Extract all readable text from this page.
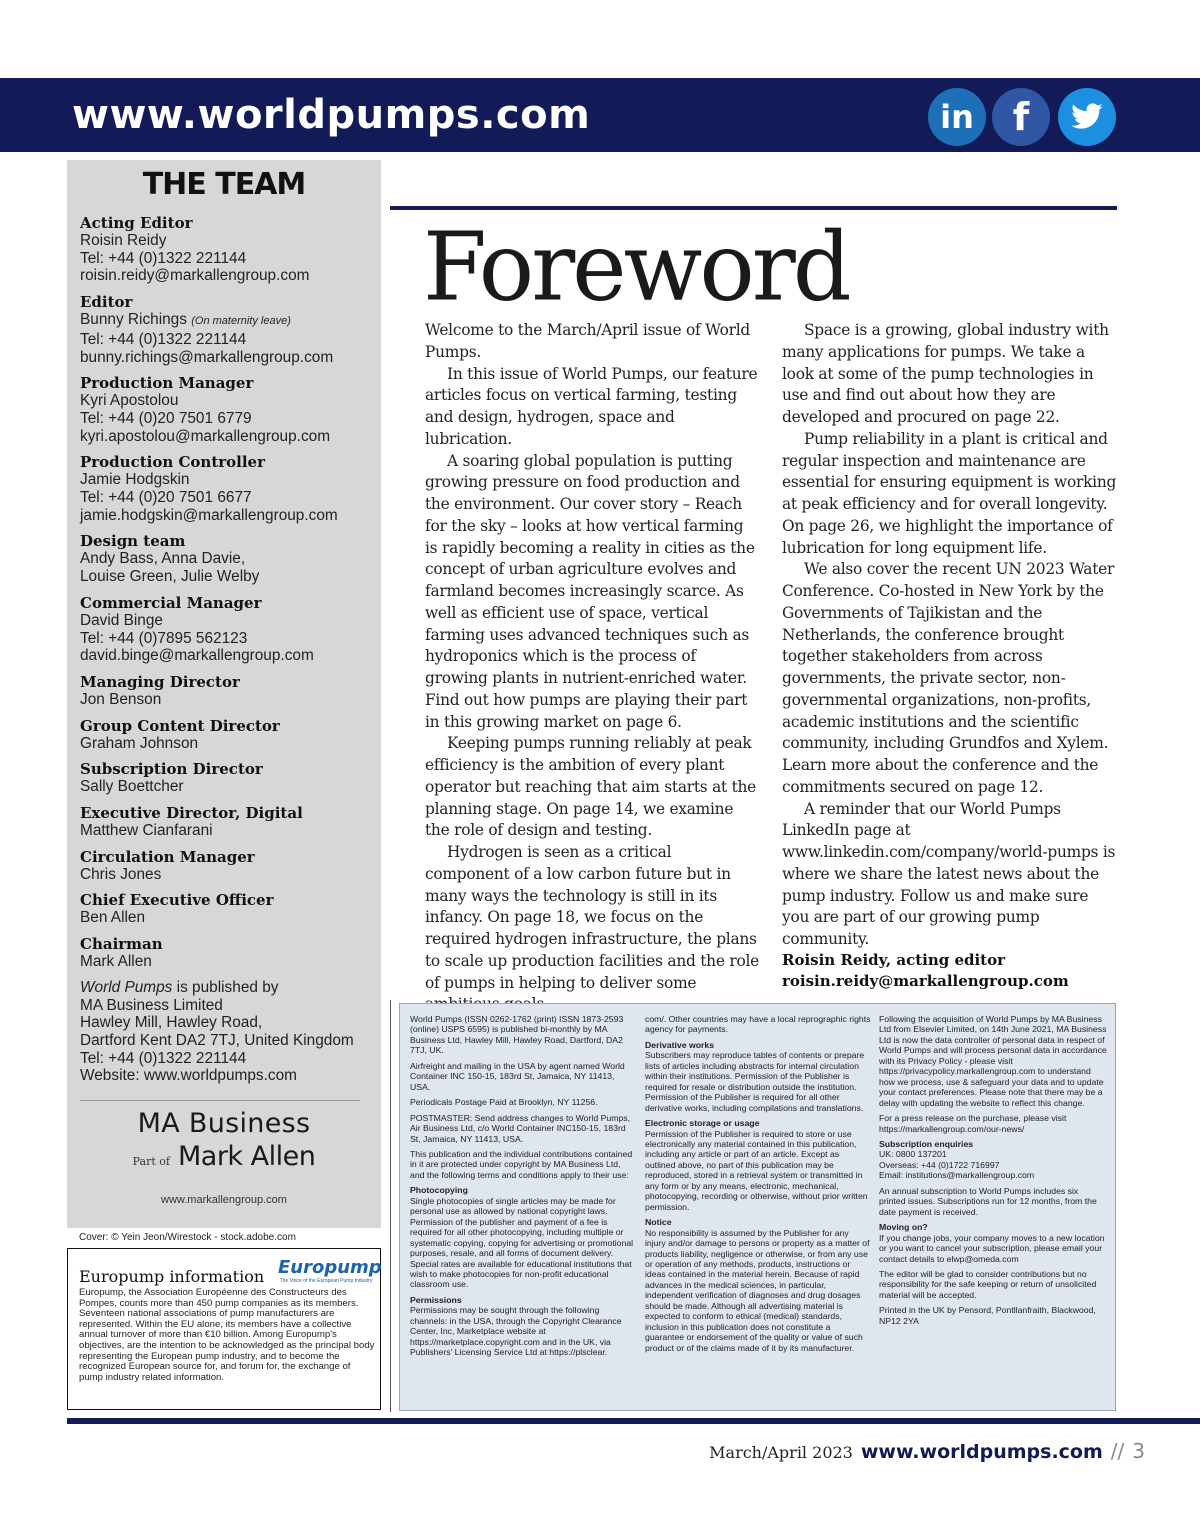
www.worldpumps.com	in	f
THE TEAM
Acting Editor
Roisin Reidy
Tel: +44 (0)1322 221144
roisin.reidy@markallengroup.com
Editor
Bunny Richings (On maternity leave)
Tel: +44 (0)1322 221144
bunny.richings@markallengroup.com
Production Manager
Kyri Apostolou
Tel: +44 (0)20 7501 6779
kyri.apostolou@markallengroup.com
Production Controller
Jamie Hodgskin
Tel: +44 (0)20 7501 6677
jamie.hodgskin@markallengroup.com
Design team
Andy Bass, Anna Davie,
Louise Green, Julie Welby
Commercial Manager
David Binge
Tel: +44 (0)7895 562123
david.binge@markallengroup.com
Managing Director
Jon Benson
Group Content Director
Graham Johnson
Subscription Director
Sally Boettcher
Executive Director, Digital
Matthew Cianfarani
Circulation Manager
Chris Jones
Chief Executive Officer
Ben Allen
Chairman
Mark Allen
World Pumps is published by
MA Business Limited
Hawley Mill, Hawley Road,
Dartford Kent DA2 7TJ, United Kingdom
Tel: +44 (0)1322 221144
Website: www.worldpumps.com
MA Business
Part of Mark Allen
www.markallengroup.com
Cover: © Yein Jeon/Wirestock - stock.adobe.com
Europump information Europump
The Voice of the European Pump Industry
Europump, the Association Européenne des Constructeurs des Pompes, counts more than 450 pump companies as its members. Seventeen national associations of pump manufacturers are represented. Within the EU alone, its members have a collective annual turnover of more than €10 billion. Among Europump's objectives, are the intention to be acknowledged as the principal body representing the European pump industry, and to become the recognized European source for, and forum for, the exchange of pump industry related information.
Foreword

Welcome to the March/April issue of World Pumps.

In this issue of World Pumps, our feature articles focus on vertical farming, testing and design, hydrogen, space and lubrication.

A soaring global population is putting growing pressure on food production and the environment. Our cover story – Reach for the sky – looks at how vertical farming is rapidly becoming a reality in cities as the concept of urban agriculture evolves and farmland becomes increasingly scarce. As well as efficient use of space, vertical farming uses advanced techniques such as hydroponics which is the process of growing plants in nutrient-enriched water. Find out how pumps are playing their part in this growing market on page 6.

Keeping pumps running reliably at peak efficiency is the ambition of every plant operator but reaching that aim starts at the planning stage. On page 14, we examine the role of design and testing.

Hydrogen is seen as a critical component of a low carbon future but in many ways the technology is still in its infancy. On page 18, we focus on the required hydrogen infrastructure, the plans to scale up production facilities and the role of pumps in helping to deliver some

Space is a growing, global industry with many applications for pumps. We take a look at some of the pump technologies in use and find out about how they are developed and procured on page 22.

Pump reliability in a plant is critical and regular inspection and maintenance are essential for ensuring equipment is working at peak efficiency and for overall longevity. On page 26, we highlight the importance of lubrication for long equipment life.

We also cover the recent UN 2023 Water Conference. Co-hosted in New York by the Governments of Tajikistan and the Netherlands, the conference brought together stakeholders from across governments, the private sector, non-governmental organizations, non-profits, academic institutions and the scientific community, including Grundfos and Xylem. Learn more about the conference and the commitments secured on page 12.

A reminder that our World Pumps LinkedIn page at www.linkedin.com/company/world-pumps is where we share the latest news about the pump industry. Follow us and make sure you are part of our growing pump community.

Roisin Reidy, acting editor
roisin.reidy@markallengroup.com

World Pumps (ISSN 0262-1762 (print) ISSN 1873-2593 (online) USPS 6595) is published bi-monthly by MA Business Ltd, Hawley Mill, Hawley Road, Dartford, DA2 7TJ, UK.

Airfreight and mailing in the USA by agent named World Container INC 150-15, 183rd St, Jamaica, NY 11413, USA.

Periodicals Postage Paid at Brooklyn, NY 11256.

POSTMASTER: Send address changes to World Pumps, Air Business Ltd, c/o World Container INC150-15, 183rd St, Jamaica, NY 11413, USA.

This publication and the individual contributions contained in it are protected under copyright by MA Business Ltd, and the following terms and conditions apply to their use:

Photocopying

Single photocopies of single articles may be made for personal use as allowed by national copyright laws. Permission of the publisher and payment of a fee is required for all other photocopying, including multiple or systematic copying, copying for advertising or promotional purposes, resale, and all forms of document delivery. Special rates are available for educational institutions that wish to make photocopies for non-profit educational classroom use.

Permissions

Permissions may be sought through the following channels: in the USA, through the Copyright Clearance Center, Inc, Marketplace website at https://marketplace.copyright.com and in the UK, via Publishers' Licensing Service Ltd at https://plsclear.

com/. Other countries may have a local reprographic rights agency for payments.

Derivative works

Subscribers may reproduce tables of contents or prepare lists of articles including abstracts for internal circulation within their institutions. Permission of the Publisher is required for resale or distribution outside the institution. Permission of the Publisher is required for all other derivative works, including compilations and translations.

Electronic storage or usage

Permission of the Publisher is required to store or use electronically any material contained in this publication, including any article or part of an article. Except as outlined above, no part of this publication may be reproduced, stored in a retrieval system or transmitted in any form or by any means, electronic, mechanical, photocopying, recording or otherwise, without prior written permission.

Notice

No responsibility is assumed by the Publisher for any injury and/or damage to persons or property as a matter of products liability, negligence or otherwise, or from any use or operation of any methods, products, instructions or ideas contained in the material herein. Because of rapid advances in the medical sciences, in particular, independent verification of diagnoses and drug dosages should be made. Although all advertising material is expected to conform to ethical (medical) standards, inclusion in this publication does not constitute a guarantee or endorsement of the quality or value of such product or of the claims made of it by its manufacturer.

Following the acquisition of World Pumps by MA Business Ltd from Elsevier Limited, on 14th June 2021, MA Business Ltd is now the data controller of personal data in respect of World Pumps and will process personal data in accordance with its Privacy Policy - please visit https://privacypolicy.markallengroup.com to understand how we process, use & safeguard your data and to update your contact preferences. Please note that there may be a delay with updating the website to reflect this change.

For a press release on the purchase, please visit https://markallengroup.com/our-news/

Subscription enquiries

UK: 0800 137201
Overseas: +44 (0)1722 716997
Email: institutions@markallengroup.com

An annual subscription to World Pumps includes six printed issues. Subscriptions run for 12 months, from the date payment is received.

Moving on?

If you change jobs, your company moves to a new location or you want to cancel your subscription, please email your contact details to elwp@omeda.com

The editor will be glad to consider contributions but no responsibility for the safe keeping or return of unsolicited material will be accepted.

Printed in the UK by Pensord, Pontllanfraith, Blackwood, NP12 2YA

March/April 2023 www.worldpumps.com // 3
